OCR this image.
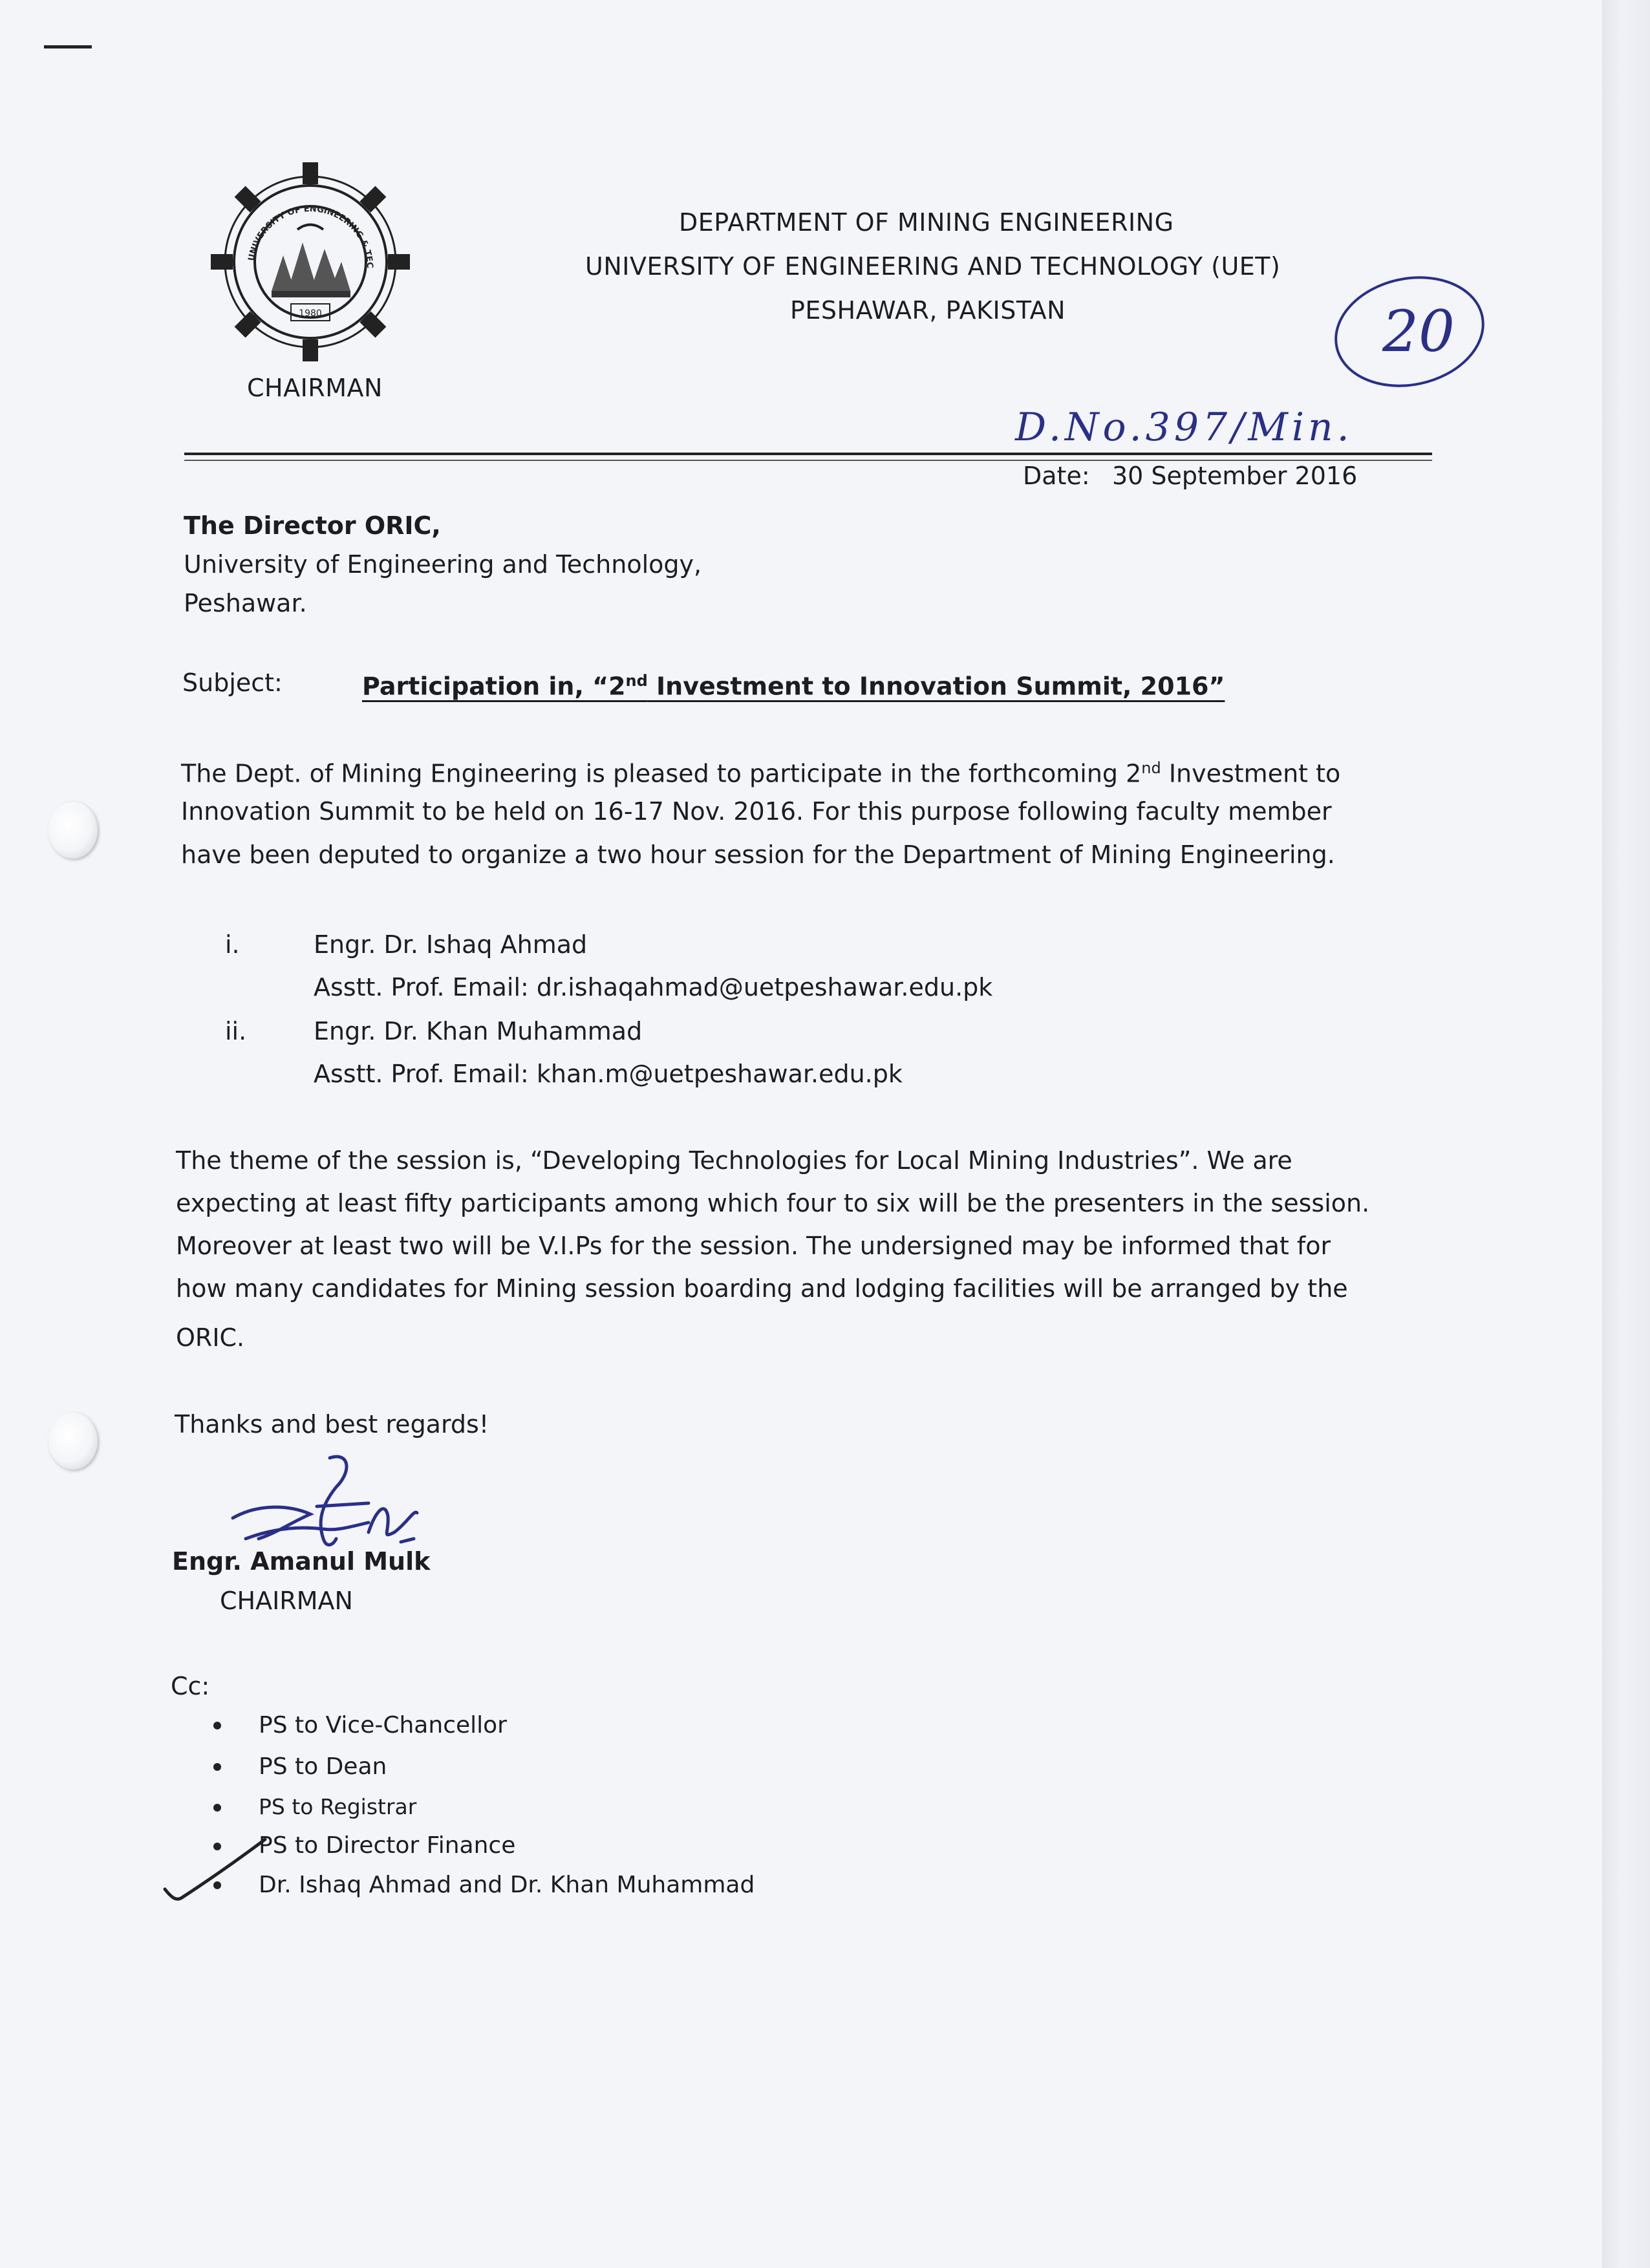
1980
UNIVERSITY OF ENGINEERING & TECHNOLOGY PESHAWAR
CHAIRMAN
DEPARTMENT OF MINING ENGINEERING
UNIVERSITY OF ENGINEERING AND TECHNOLOGY (UET)
PESHAWAR, PAKISTAN	20
D.No.397/Min.
Date: 30 September 2016
The Director ORIC,
University of Engineering and Technology,
Peshawar.
Subject:	Participation in, “2nd Investment to Innovation Summit, 2016”
The Dept. of Mining Engineering is pleased to participate in the forthcoming 2nd Investment to
Innovation Summit to be held on 16-17 Nov. 2016. For this purpose following faculty member
have been deputed to organize a two hour session for the Department of Mining Engineering.
i.	Engr. Dr. Ishaq Ahmad
Asstt. Prof. Email: dr.ishaqahmad@uetpeshawar.edu.pk
ii.	Engr. Dr. Khan Muhammad
Asstt. Prof. Email: khan.m@uetpeshawar.edu.pk
The theme of the session is, “Developing Technologies for Local Mining Industries”. We are
expecting at least fifty participants among which four to six will be the presenters in the session.
Moreover at least two will be V.I.Ps for the session. The undersigned may be informed that for
how many candidates for Mining session boarding and lodging facilities will be arranged by the
ORIC.
Thanks and best regards!
Engr. Amanul Mulk
CHAIRMAN
Cc:
PS to Vice-Chancellor
PS to Dean
PS to Registrar
PS to Director Finance
Dr. Ishaq Ahmad and Dr. Khan Muhammad
